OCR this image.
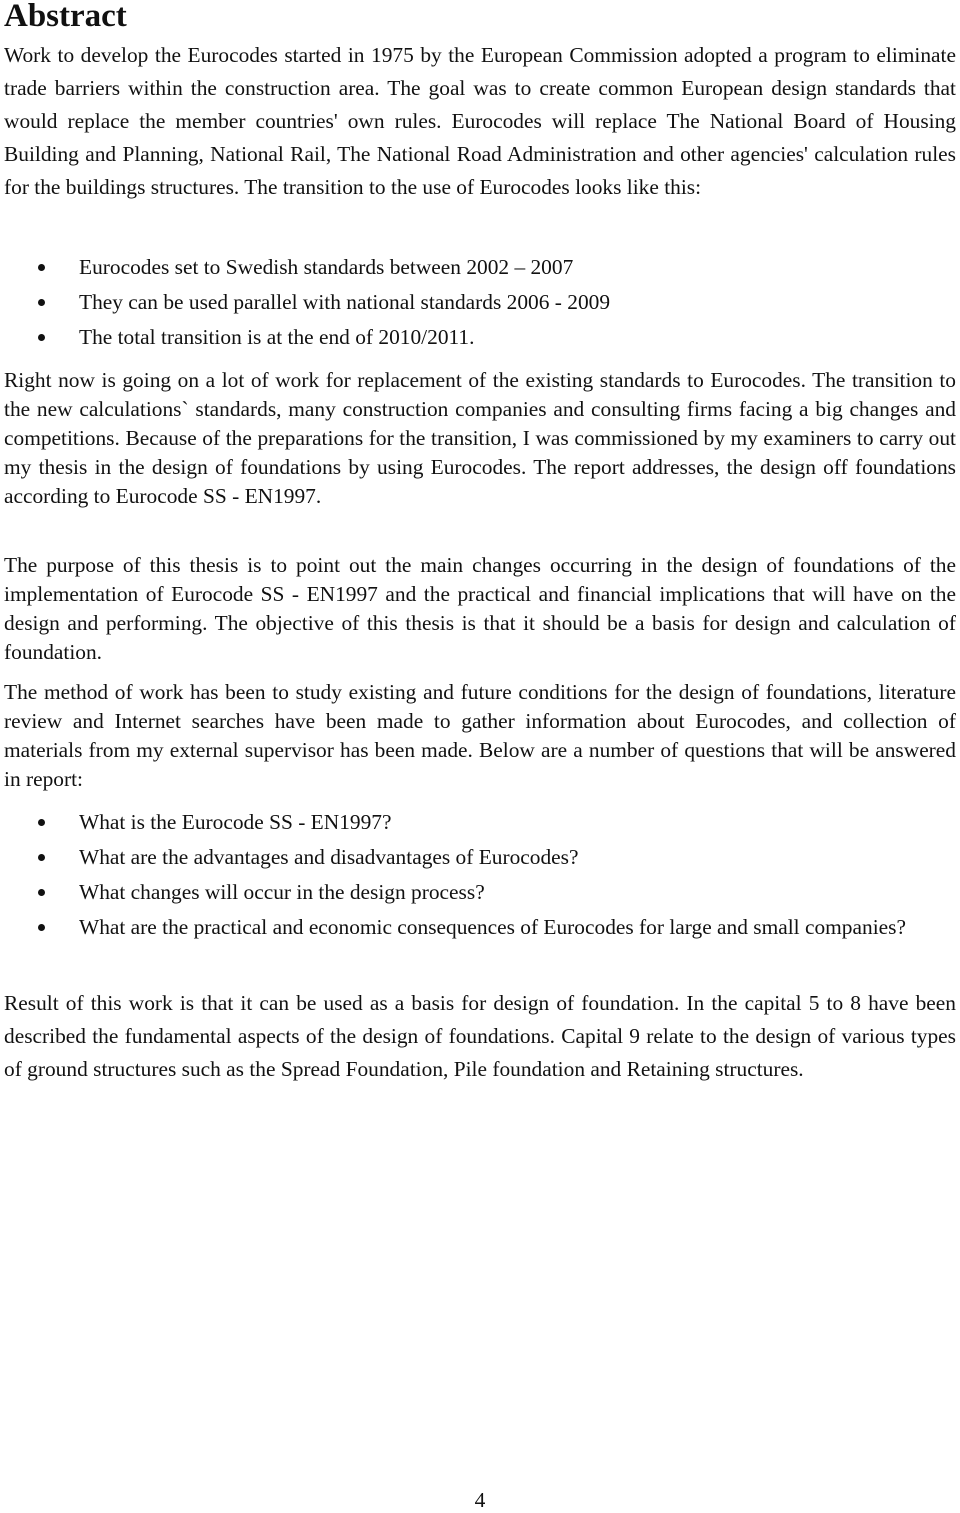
Abstract

Work to develop the Eurocodes started in 1975 by the European Commission adopted a program to eliminate trade barriers within the construction area. The goal was to create common European design standards that would replace the member countries' own rules. Eurocodes will replace The National Board of Housing Building and Planning, National Rail, The National Road Administration and other agencies' calculation rules for the buildings structures. The transition to the use of Eurocodes looks like this:

Eurocodes set to Swedish standards between 2002 – 2007
They can be used parallel with national standards 2006 - 2009
The total transition is at the end of 2010/2011.

Right now is going on a lot of work for replacement of the existing standards to Eurocodes. The transition to the new calculations` standards, many construction companies and consulting firms facing a big changes and competitions. Because of the preparations for the transition, I was commissioned by my examiners to carry out my thesis in the design of foundations by using Eurocodes. The report addresses, the design off foundations according to Eurocode SS - EN1997.

The purpose of this thesis is to point out the main changes occurring in the design of foundations of the implementation of Eurocode SS - EN1997 and the practical and financial implications that will have on the design and performing. The objective of this thesis is that it should be a basis for design and calculation of foundation.

The method of work has been to study existing and future conditions for the design of foundations, literature review and Internet searches have been made to gather information about Eurocodes, and collection of materials from my external supervisor has been made. Below are a number of questions that will be answered in report:

What is the Eurocode SS - EN1997?
What are the advantages and disadvantages of Eurocodes?
What changes will occur in the design process?
What are the practical and economic consequences of Eurocodes for large and small companies?

Result of this work is that it can be used as a basis for design of foundation. In the capital 5 to 8 have been described the fundamental aspects of the design of foundations. Capital 9 relate to the design of various types of ground structures such as the Spread Foundation, Pile foundation and Retaining structures.

4
